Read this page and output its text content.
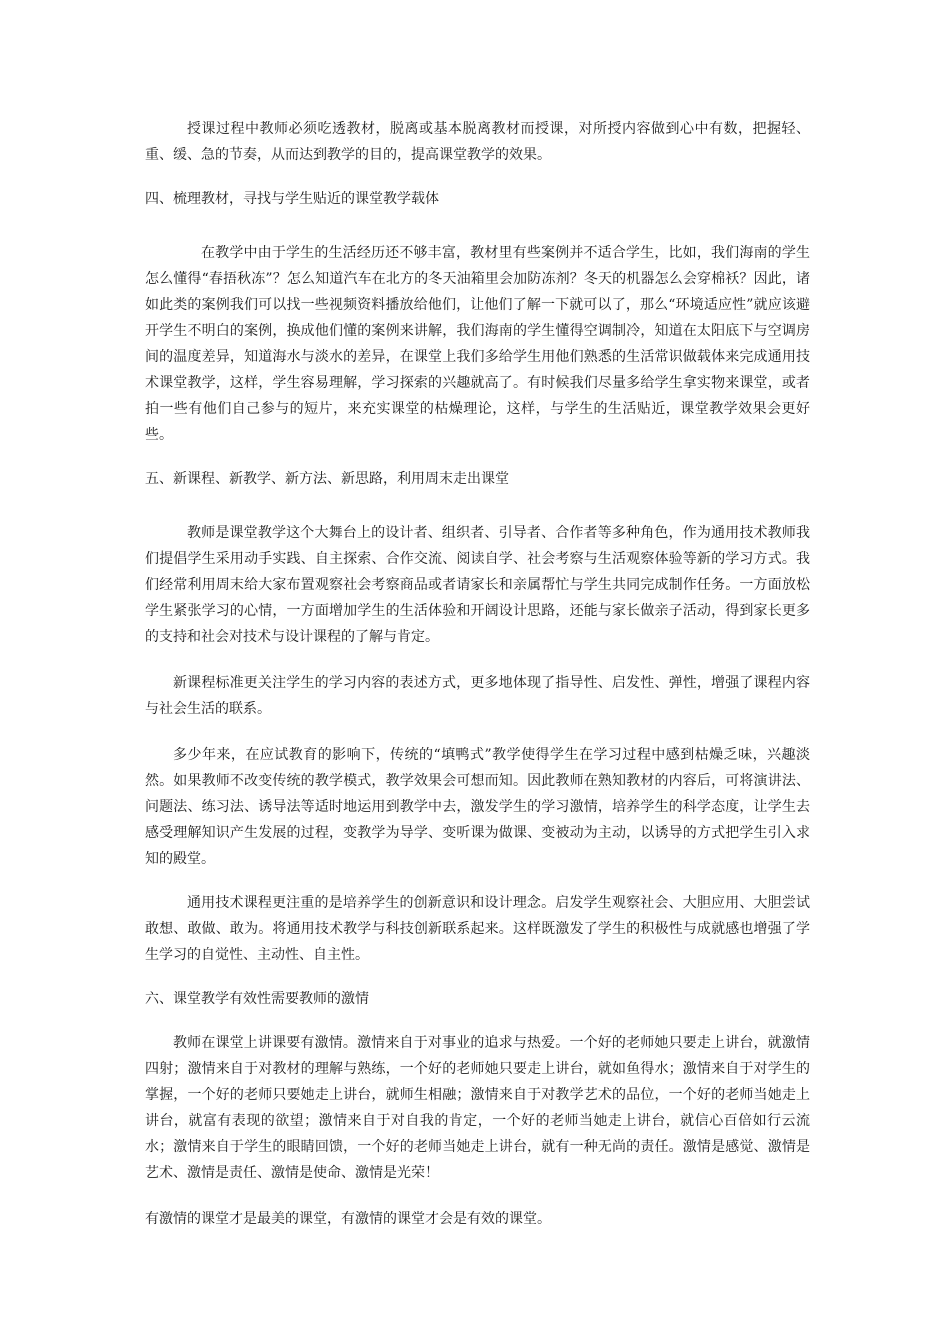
授课过程中教师必须吃透教材，脱离或基本脱离教材而授课，对所授内容做到心中有数，把握轻、重、缓、急的节奏，从而达到教学的目的，提高课堂教学的效果。

四、梳理教材，寻找与学生贴近的课堂教学载体

在教学中由于学生的生活经历还不够丰富，教材里有些案例并不适合学生，比如，我们海南的学生怎么懂得“春捂秋冻”？怎么知道汽车在北方的冬天油箱里会加防冻剂？冬天的机器怎么会穿棉袄？因此，诸如此类的案例我们可以找一些视频资料播放给他们，让他们了解一下就可以了，那么“环境适应性”就应该避开学生不明白的案例，换成他们懂的案例来讲解，我们海南的学生懂得空调制冷，知道在太阳底下与空调房间的温度差异，知道海水与淡水的差异，在课堂上我们多给学生用他们熟悉的生活常识做载体来完成通用技术课堂教学，这样，学生容易理解，学习探索的兴趣就高了。有时候我们尽量多给学生拿实物来课堂，或者拍一些有他们自己参与的短片，来充实课堂的枯燥理论，这样，与学生的生活贴近，课堂教学效果会更好些。

五、新课程、新教学、新方法、新思路，利用周末走出课堂

教师是课堂教学这个大舞台上的设计者、组织者、引导者、合作者等多种角色，作为通用技术教师我们提倡学生采用动手实践、自主探索、合作交流、阅读自学、社会考察与生活观察体验等新的学习方式。我们经常利用周末给大家布置观察社会考察商品或者请家长和亲属帮忙与学生共同完成制作任务。一方面放松学生紧张学习的心情，一方面增加学生的生活体验和开阔设计思路，还能与家长做亲子活动，得到家长更多的支持和社会对技术与设计课程的了解与肯定。

新课程标准更关注学生的学习内容的表述方式，更多地体现了指导性、启发性、弹性，增强了课程内容与社会生活的联系。

多少年来，在应试教育的影响下，传统的“填鸭式”教学使得学生在学习过程中感到枯燥乏味，兴趣淡然。如果教师不改变传统的教学模式，教学效果会可想而知。因此教师在熟知教材的内容后，可将演讲法、问题法、练习法、诱导法等适时地运用到教学中去，激发学生的学习激情，培养学生的科学态度，让学生去感受理解知识产生发展的过程，变教学为导学、变听课为做课、变被动为主动，以诱导的方式把学生引入求知的殿堂。

通用技术课程更注重的是培养学生的创新意识和设计理念。启发学生观察社会、大胆应用、大胆尝试敢想、敢做、敢为。将通用技术教学与科技创新联系起来。这样既激发了学生的积极性与成就感也增强了学生学习的自觉性、主动性、自主性。

六、课堂教学有效性需要教师的激情

教师在课堂上讲课要有激情。激情来自于对事业的追求与热爱。一个好的老师她只要走上讲台，就激情四射；激情来自于对教材的理解与熟练，一个好的老师她只要走上讲台，就如鱼得水；激情来自于对学生的掌握，一个好的老师只要她走上讲台，就师生相融；激情来自于对教学艺术的品位，一个好的老师当她走上讲台，就富有表现的欲望；激情来自于对自我的肯定，一个好的老师当她走上讲台，就信心百倍如行云流水；激情来自于学生的眼睛回馈，一个好的老师当她走上讲台，就有一种无尚的责任。激情是感觉、激情是艺术、激情是责任、激情是使命、激情是光荣！

有激情的课堂才是最美的课堂，有激情的课堂才会是有效的课堂。
